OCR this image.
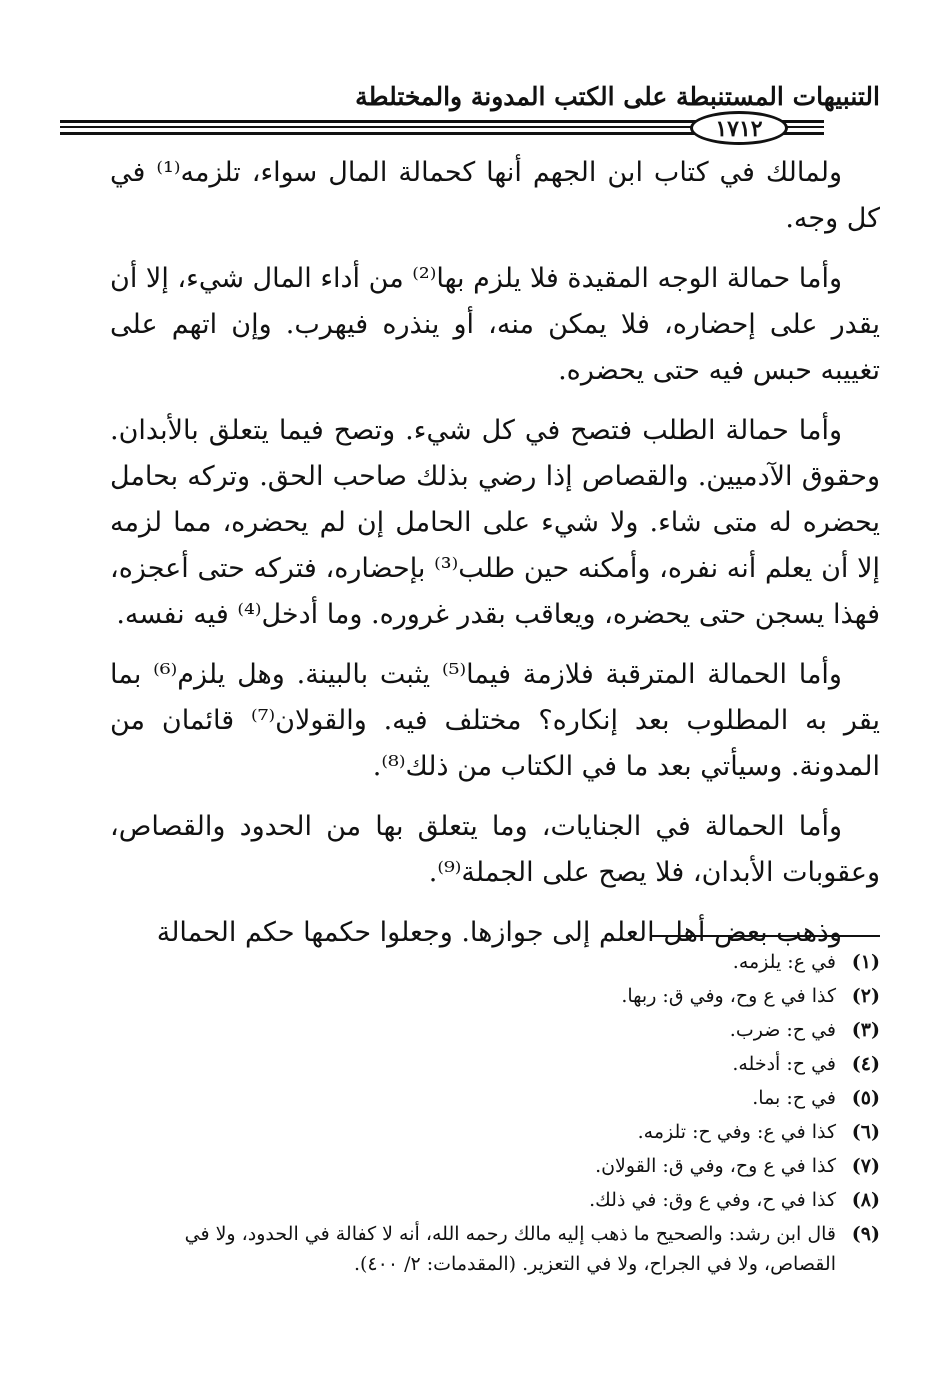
التنبيهات المستنبطة على الكتب المدونة والمختلطة
١٧١٢

ولمالك في كتاب ابن الجهم أنها كحمالة المال سواء، تلزمه⁽¹⁾ في كل وجه.

وأما حمالة الوجه المقيدة فلا يلزم بها⁽²⁾ من أداء المال شيء، إلا أن يقدر على إحضاره، فلا يمكن منه، أو ينذره فيهرب. وإن اتهم على تغييبه حبس فيه حتى يحضره.

وأما حمالة الطلب فتصح في كل شيء. وتصح فيما يتعلق بالأبدان. وحقوق الآدميين. والقصاص إذا رضي بذلك صاحب الحق. وتركه بحامل يحضره له متى شاء. ولا شيء على الحامل إن لم يحضره، مما لزمه إلا أن يعلم أنه نفره، وأمكنه حين طلب⁽³⁾ بإحضاره، فتركه حتى أعجزه، فهذا يسجن حتى يحضره، ويعاقب بقدر غروره. وما أدخل⁽⁴⁾ فيه نفسه.

وأما الحمالة المترقبة فلازمة فيما⁽⁵⁾ يثبت بالبينة. وهل يلزم⁽⁶⁾ بما يقر به المطلوب بعد إنكاره؟ مختلف فيه. والقولان⁽⁷⁾ قائمان من المدونة. وسيأتي بعد ما في الكتاب من ذلك⁽⁸⁾.

وأما الحمالة في الجنايات، وما يتعلق بها من الحدود والقصاص، وعقوبات الأبدان، فلا يصح على الجملة⁽⁹⁾.

وذهب بعض أهل العلم إلى جوازها. وجعلوا حكمها حكم الحمالة

(١)
في ع: يلزمه.
(٢)
كذا في ع وح، وفي ق: ربها.
(٣)
في ح: ضرب.
(٤)
في ح: أدخله.
(٥)
في ح: بما.
(٦)
كذا في ع: وفي ح: تلزمه.
(٧)
كذا في ع وح، وفي ق: القولان.
(٨)
كذا في ح، وفي ع وق: في ذلك.
(٩)
قال ابن رشد: والصحيح ما ذهب إليه مالك رحمه الله، أنه لا كفالة في الحدود، ولا في القصاص، ولا في الجراح، ولا في التعزير. (المقدمات: ٢/ ٤٠٠).
